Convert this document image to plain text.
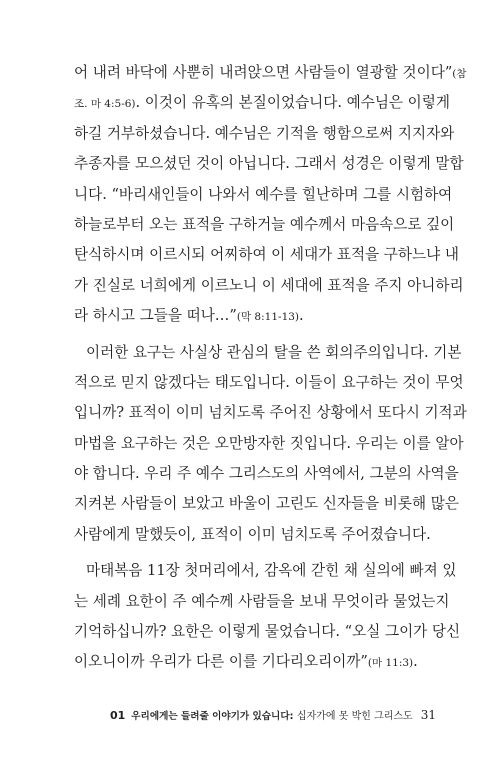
어 내려 바닥에 사뿐히 내려앉으면 사람들이 열광할 것이다”(참
조. 마 4:5-6). 이것이 유혹의 본질이었습니다. 예수님은 이렇게
하길 거부하셨습니다. 예수님은 기적을 행함으로써 지지자와
추종자를 모으셨던 것이 아닙니다. 그래서 성경은 이렇게 말합
니다. “바리새인들이 나와서 예수를 힐난하며 그를 시험하여
하늘로부터 오는 표적을 구하거늘 예수께서 마음속으로 깊이
탄식하시며 이르시되 어찌하여 이 세대가 표적을 구하느냐 내
가 진실로 너희에게 이르노니 이 세대에 표적을 주지 아니하리
라 하시고 그들을 떠나…”(막 8:11-13).
이러한 요구는 사실상 관심의 탈을 쓴 회의주의입니다. 기본
적으로 믿지 않겠다는 태도입니다. 이들이 요구하는 것이 무엇
입니까? 표적이 이미 넘치도록 주어진 상황에서 또다시 기적과
마법을 요구하는 것은 오만방자한 짓입니다. 우리는 이를 알아
야 합니다. 우리 주 예수 그리스도의 사역에서, 그분의 사역을
지켜본 사람들이 보았고 바울이 고린도 신자들을 비롯해 많은
사람에게 말했듯이, 표적이 이미 넘치도록 주어졌습니다.
마태복음 11장 첫머리에서, 감옥에 갇힌 채 실의에 빠져 있
는 세례 요한이 주 예수께 사람들을 보내 무엇이라 물었는지
기억하십니까? 요한은 이렇게 물었습니다. “오실 그이가 당신
이오니이까 우리가 다른 이를 기다리오리이까”(마 11:3).
01 우리에게는 들려줄 이야기가 있습니다: 십자가에 못 박힌 그리스도 31
